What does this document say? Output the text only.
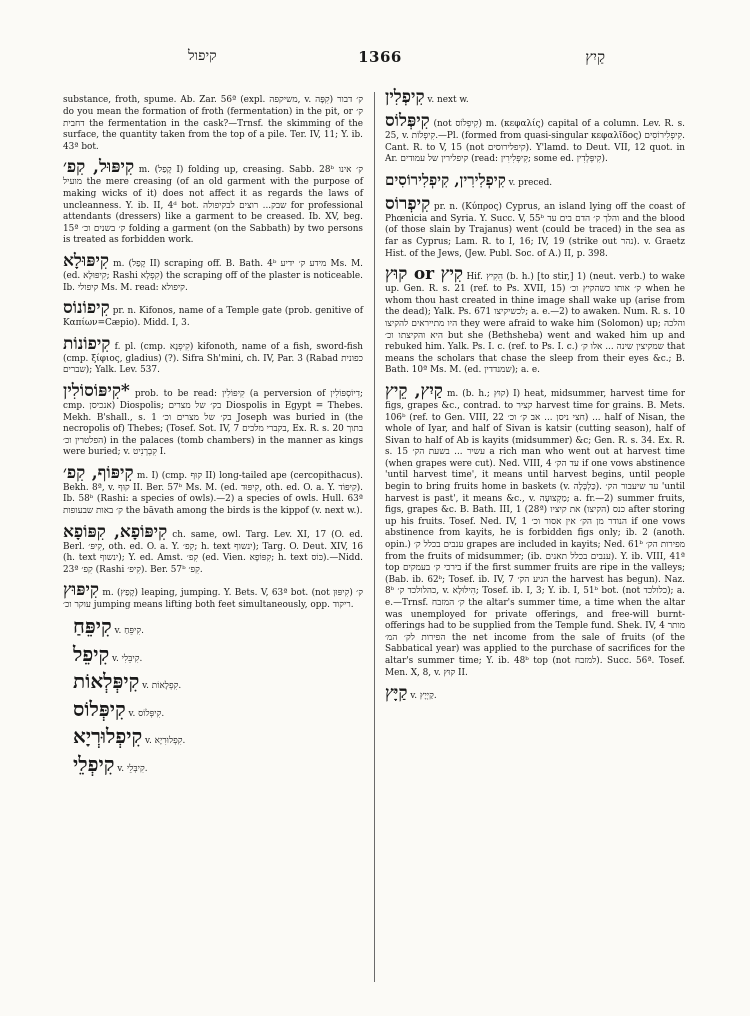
קיפול	1366	קַיִץ

substance, froth, spume. Ab. Zar. 56ª (expl. משיקפה, v. קִפָּה) ק׳ דבור do you mean the formation of froth (fermentation) in the pit, or ק׳ דחבית the fermentation in the cask?—Trnsf. the skimming of the surface, the quantity taken from the top of a pile. Ter. IV, 11; Y. ib. 43ª bot.

קִיפּוּל, קִפ׳ m. (קָפַל I) folding up, creasing. Sabb. 28ᵇ ק׳ אינו מועיל the mere creasing (of an old garment with the purpose of making wicks of it) does not affect it as regards the laws of uncleanness. Y. ib. II, 4ᵈ bot. שבק... רוצים לבקיפולה for professional attendants (dressers) like a garment to be creased. Ib. XV, beg. 15ª ק׳ בשנים וכ׳ folding a garment (on the Sabbath) by two persons is treated as forbidden work.

קִיפּוּלָא m. (קָפַל II) scraping off. B. Bath. 4ᵇ מידע ק׳ ידיע Ms. M. (ed. קִיפּוּלָא; Rashi קִפְלָא) the scraping off of the plaster is noticeable. Ib. קיפולי Ms. M. read: קיפולא.

קִיפוֹנוֹס pr. n. Kifonos, name of a Temple gate (prob. genitive of Καπίων=Cæpio). Midd. I, 3.

קִיפוֹנוֹת f. pl. (cmp. קִיפְנָא) kifonoth, name of a fish, sword-fish (cmp. ξίφιος, gladius) (?). Sifra Sh'mini, ch. IV, Par. 3 (Rabad כפונית שברים); Yalk. Lev. 537.

*קִיפּוֹסוֹלִין prob. to be read: קִיפּוֹלִין (a perversion of דִיוֹסְפּוֹלִין; cmp. אנכיסן) Diospolis; בק׳ של מצרים Diospolis in Egypt = Thebes. Mekh. B'shall., s. 1 בק׳ של מצרים וכ׳ Joseph was buried in (the necropolis of) Thebes; (Tosef. Sot. IV, 7 בקברי מלכים, Ex. R. s. 20 בתוך הפלטרין וכ׳) in the palaces (tomb chambers) in the manner as kings were buried; v. קִבְרְנִיט I.

קִיפּוֹף, קִפ׳ m. I) (cmp. קוּף II) long-tailed ape (cercopithacus). Bekh. 8ª, v. קוּף II. Ber. 57ᵇ Ms. M. (ed. קִיפּוּד, oth. ed. O. a. Y. קִיפּוֹד). Ib. 58ᵇ (Rashi: a species of owls).—2) a species of owls. Hull. 63ª ק׳ באות שבעופות the bāvath among the birds is the kippof (v. next w.).

קִיפּוֹפָא, קִפּוֹפָא ch. same, owl. Targ. Lev. XI, 17 (O. ed. Berl. קִיפּ׳, oth. ed. O. a. Y. קִפ׳; h. text ינשוף); Targ. O. Deut. XIV, 16 (h. text ינשוף); Y. ed. Amst. קִפ׳ (ed. Vien. קִפּוֹפָא; h. text כּוֹס).—Nidd. 23ª קִפ׳ (Rashi קִיפ׳). Ber. 57ᵇ קִפ׳.

קִיפּוּץ m. (קָפַץ) leaping, jumping. Y. Bets. V, 63ª bot. (not קִיפּוּן) ק׳ עוקר וכ׳ jumping means lifting both feet simultaneously, opp. ריקוד.

קִיפֵּחַ v. קִיפֵּחַ.

קִיפֵל v. קִיבֵּלִי.

קִיפְּלְאוֹת v. קִפְלָאוֹת.

קִיפְּלוֹס v. קִיפְּלוֹס.

קִיפְלוּרְיָא v. קִפְלוּרִיָא.

קִיפְלֵי v. קִיבְּלֵי.

קִיפְלִין v. next w.

קִיפְּלוֹס (not קִיפְלוֹס) m. (κεφαλίς) capital of a column. Lev. R. s. 25, v. קִיפְלוֹת.—Pl. (formed from quasi-singular κεφαλῖδος) קִיפְלִירוֹסִים. Cant. R. to V, 15 (not קיפלירוסים). Y'lamd. to Deut. VII, 12 quot. in Ar. קיפלירין של עמודים (read: קִיפְּלִירִין; some ed. קִיפְּלְדִין).

קִיפְלִירִין, קִיפְלִירוֹסִים v. preced.

קִיפְרוֹס pr. n. (Κύπρος) Cyprus, an island lying off the coast of Phœnicia and Syria. Y. Succ. V, 55ᵇ והלך ק׳ הדם בים עד and the blood (of those slain by Trajanus) went (could be traced) in the sea as far as Cyprus; Lam. R. to I, 16; IV, 19 (strike out נהר). v. Graetz Hist. of the Jews, (Jew. Publ. Soc. of A.) II, p. 398.

קִיץ or קוּץ Hif. הֵקִיץ (b. h.) [to stir,] 1) (neut. verb.) to wake up. Gen. R. s. 21 (ref. to Ps. XVII, 15) ק׳ אותו כשהקיץ וכ׳ when he whom thou hast created in thine image shall wake up (arise from the dead); Yalk. Ps. 671 לכשיקיצו; a. e.—2) to awaken. Num. R. s. 10 היו מתייראים להקיצו they were afraid to wake him (Solomon) up; והלכה היא והקיצתו וכ׳ but she (Bethsheba) went and waked him up and rebuked him. Yalk. Ps. I. c. (ref. to Ps. I. c.) שמקיצין שינה ... אלו ק׳ that means the scholars that chase the sleep from their eyes &c.; B. Bath. 10ª Ms. M. (ed. שמנדדין); a. e.

קַיִץ, קֵיץ m. (b. h.; קוּץ) I) heat, midsummer, harvest time for figs, grapes &c., contrad. to קציר harvest time for grains. B. Mets. 106ᵇ (ref. to Gen. VIII, 22 חצי ניסן ... אב ק׳ וכ׳) ... half of Nisan, the whole of Iyar, and half of Sivan is katsir (cutting season), half of Sivan to half of Ab is kayits (midsummer) &c; Gen. R. s. 34. Ex. R. s. 15 עשיר ... בשעת הק׳ a rich man who went out at harvest time (when grapes were cut). Ned. VIII, 4 עד הק׳ if one vows abstinence 'until harvest time', it means until harvest begins, until people begin to bring fruits home in baskets (v. כַּלְכָּלָה). עד שיעבור הק׳ 'until harvest is past', it means &c., v. מַקְצוּעָה; a. fr.—2) summer fruits, figs, grapes &c. B. Bath. III, 1 (28ª) כנס (הקיצו) את קיציו after storing up his fruits. Tosef. Ned. IV, 1 הנודר מן הק׳ אין אסור וכ׳ if one vows abstinence from kayits, he is forbidden figs only; ib. 2 (anoth. opin.) ענבים בכלל ק׳ grapes are included in kayits; Ned. 61ᵇ מפירות הק׳ from the fruits of midsummer; (ib. ענבים בכלל תאנים). Y. ib. VIII, 41ª top בירכי ק׳ בעמקים if the first summer fruits are ripe in the valleys; (Bab. ib. 62ᵇ; Tosef. ib. IV, 7 הגיע הק׳ the harvest has begun). Naz. 8ᵇ כהלולכד ק׳, v. הִילּוּלָא; Tosef. ib. I, 3; Y. ib. I, 51ᵇ bot. (not כלולכד); a. e.—Trnsf. ק׳ המזבח the altar's summer time, a time when the altar was unemployed for private offerings, and free-will burnt-offerings had to be supplied from the Temple fund. Shek. IV, 4 מותר הפירות לק׳ המ׳ the net income from the sale of fruits (of the Sabbatical year) was applied to the purchase of sacrifices for the altar's summer time; Y. ib. 48ᵇ top (not למזבח). Succ. 56ª. Tosef. Men. X, 8, v. קוּץ II.

קַיָּץ v. קַיְיָץ.
